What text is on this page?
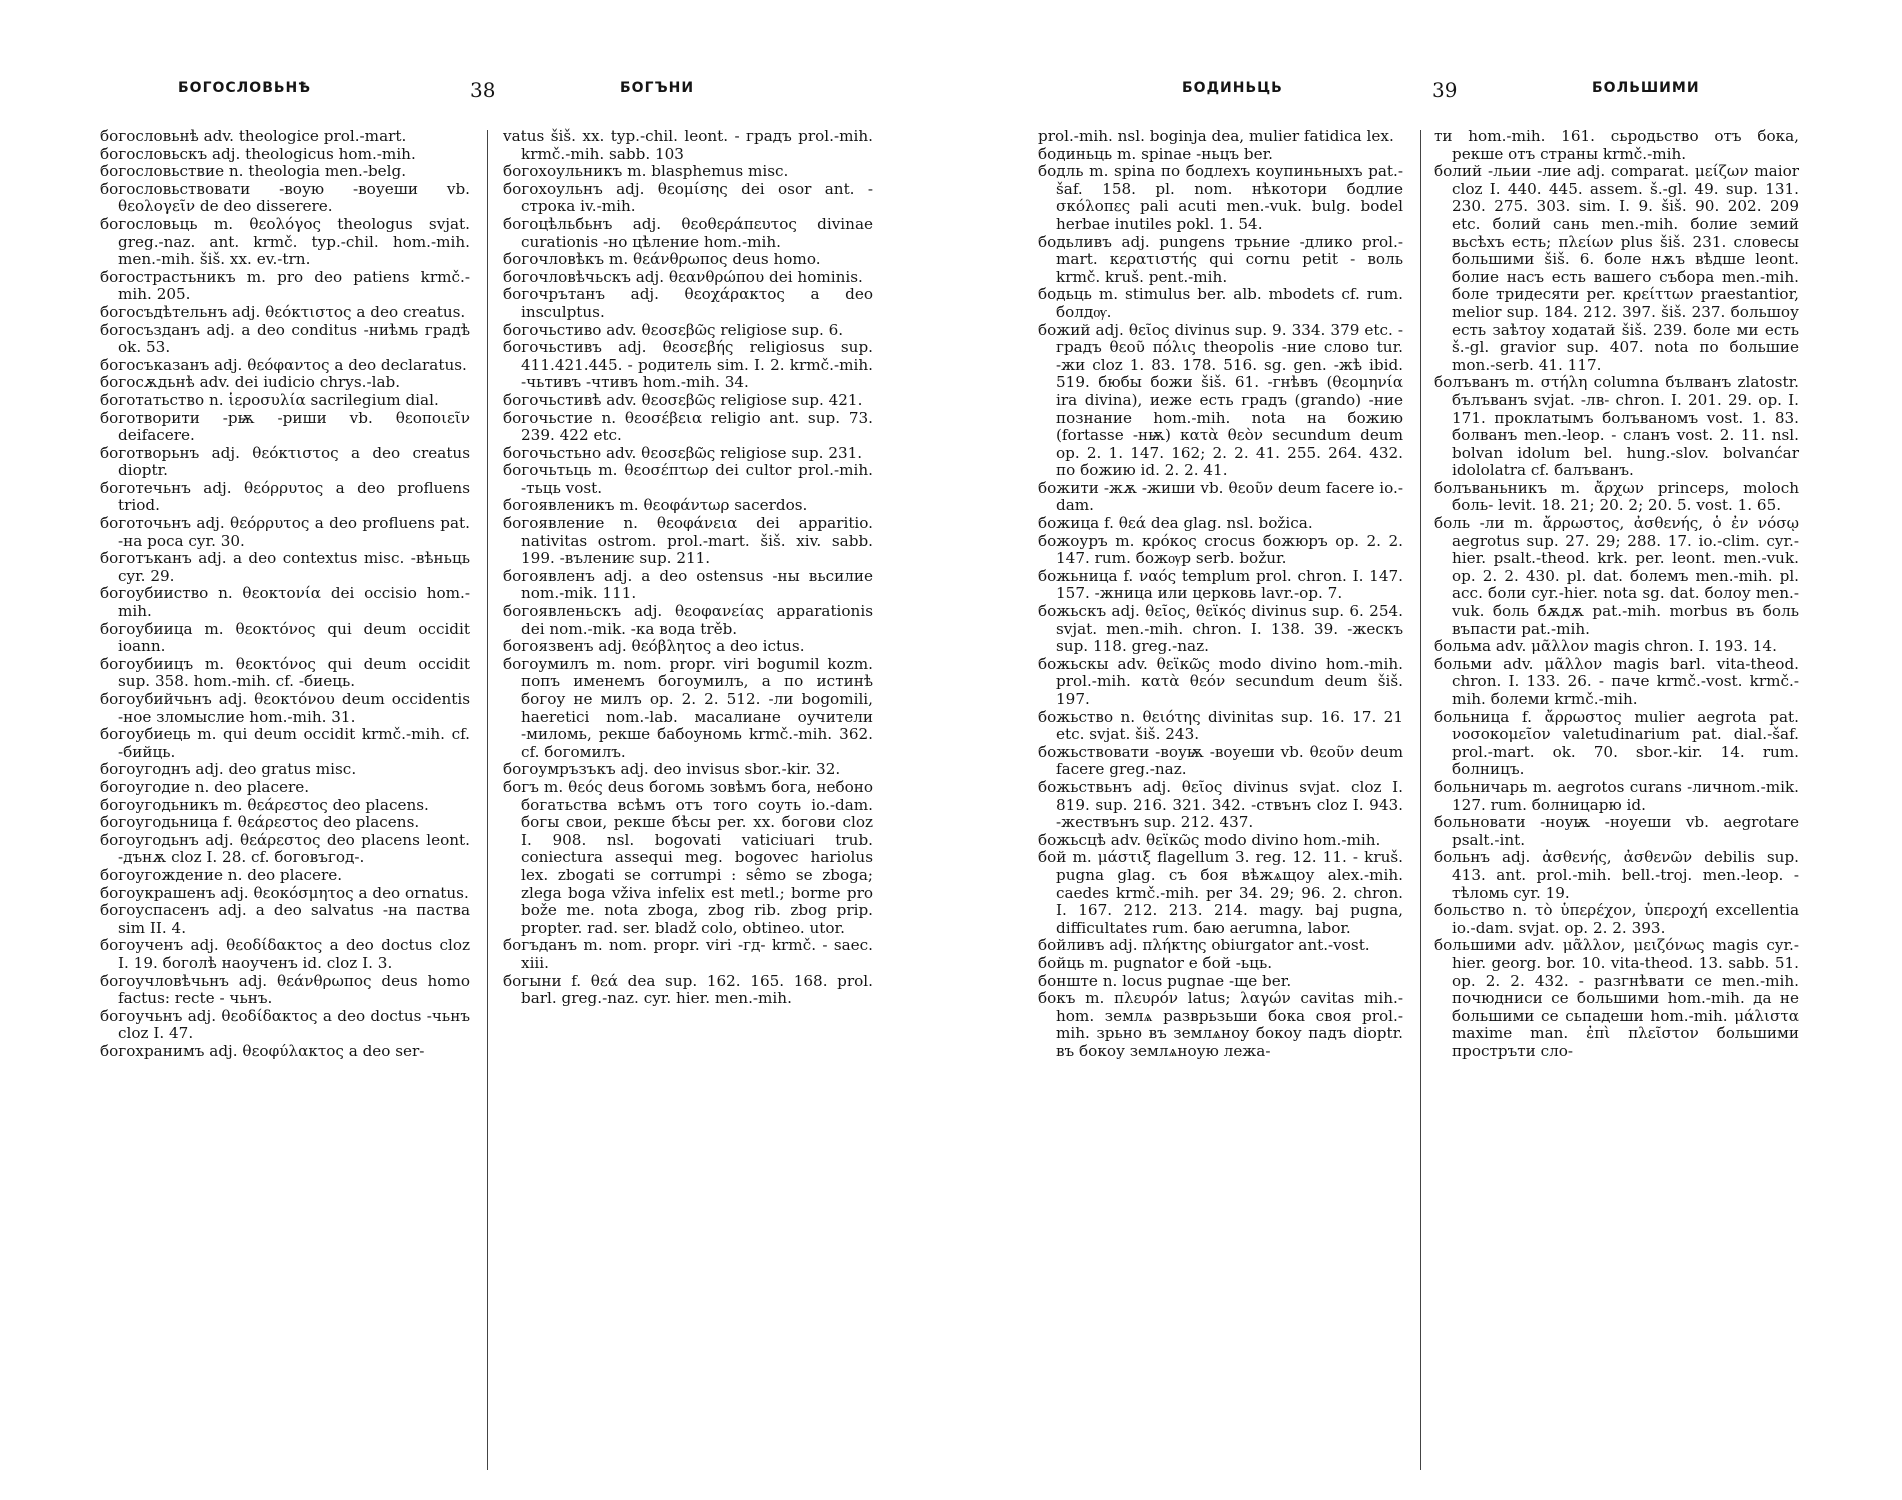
БОГОСЛОВЬНѢ	38	БОГЪНИ

богословьнѣ adv. theologice prol.-mart.

богословьскъ adj. theologicus hom.-mih.

богословьствие n. theologia men.-belg.

богословьствовати -воую -воуеши vb. θεολογεῖν de deo disserere.

богословьць m. θεολόγος theologus svjat. greg.-naz. ant. krmč. typ.-chil. hom.-mih. men.-mih. šiš. xx. ev.-trn.

богострастьникъ m. pro deo patiens krmč.-mih. 205.

богосъдѣтельнъ adj. θεόκτιστος a deo creatus.

богосъзданъ adj. a deo conditus -ниѣмь градѣ ok. 53.

богосъказанъ adj. θεόφαντος a deo declaratus.

богосѫдьнѣ adv. dei iudicio chrys.-lab.

боготатьство n. ἱεροσυλία sacrilegium dial.

боготворити -рѭ -риши vb. θεοποιεῖν deifacere.

боготворьнъ adj. θεόκτιστος a deo creatus dioptr.

боготечьнъ adj. θεόρρυτος a deo profluens triod.

боготочьнъ adj. θεόρρυτος a deo profluens pat. -на роса cyr. 30.

боготъканъ adj. a deo contextus misc. -вѣньць cyr. 29.

богоубииство n. θεοκτονία dei occisio hom.-mih.

богоубиица m. θεοκτόνος qui deum occidit ioann.

богоубиицъ m. θεοκτόνος qui deum occidit sup. 358. hom.-mih. cf. -биець.

богоубийчьнъ adj. θεοκτόνου deum occidentis -ное зломыслие hom.-mih. 31.

богоубиець m. qui deum occidit krmč.-mih. cf. -бийць.

богоугоднъ adj. deo gratus misc.

богоугодие n. deo placere.

богоугодьникъ m. θεάρεστος deo placens.

богоугодьница f. θεάρεστος deo placens.

богоугодьнъ adj. θεάρεστος deo placens leont. -дънѫ cloz I. 28. cf. боговъгод-.

богоугождение n. deo placere.

богоукрашенъ adj. θεοκόσμητος a deo ornatus.

богоуспасенъ adj. a deo salvatus -на паства sim II. 4.

богоученъ adj. θεοδίδακτος a deo doctus cloz I. 19. боголѣ наоученъ id. cloz I. 3.

богоучловѣчьнъ adj. θεάνθρωπος deus homo factus: recte - чьнъ.

богоучьнъ adj. θεοδίδακτος a deo doctus -чьнъ cloz I. 47.

богохранимъ adj. θεοφύλακτος a deo ser-

vatus šiš. xx. typ.-chil. leont. - градъ prol.-mih. krmč.-mih. sabb. 103

богохоульникъ m. blasphemus misc.

богохоульнъ adj. θεομίσης dei osor ant. - строка iv.-mih.

богоцѣльбьнъ adj. θεοθεράπευτος divinae curationis -но цѣление hom.-mih.

богочловѣкъ m. θεάνθρωπος deus homo.

богочловѣчьскъ adj. θεανθρώπου dei hominis.

богочрътанъ adj. θεοχάρακτος a deo insculptus.

богочьстиво adv. θεοσεβῶς religiose sup. 6.

богочьстивъ adj. θεοσεβής religiosus sup. 411.421.445. - родитель sim. I. 2. krmč.-mih. -чьтивъ -чтивъ hom.-mih. 34.

богочьстивѣ adv. θεοσεβῶς religiose sup. 421.

богочьстие n. θεοσέβεια religio ant. sup. 73. 239. 422 etc.

богочьстьно adv. θεοσεβῶς religiose sup. 231.

богочьтьць m. θεοσέπτωρ dei cultor prol.-mih. -тьць vost.

богоявленикъ m. θεοφάντωρ sacerdos.

богоявление n. θεοφάνεια dei apparitio. nativitas ostrom. prol.-mart. šiš. xiv. sabb. 199. -вълениѥ sup. 211.

богоявленъ adj. a deo ostensus -ны вьсилие nom.-mik. 111.

богоявленьскъ adj. θεοφανείας apparationis dei nom.-mik. -ка вода trěb.

богоязвенъ adj. θεόβλητος a deo ictus.

богоумилъ m. nom. propr. viri bogumil kozm. попъ именемъ богоумилъ, а по истинѣ богоу не милъ op. 2. 2. 512. -ли bogomili, haeretici nom.-lab. масалиане оучители -миломь, рекше бабоуномь krmč.-mih. 362. cf. богомилъ.

богоумръзъкъ adj. deo invisus sbor.-kir. 32.

богъ m. θεός deus богомь зовѣмъ бога, небоно богатьства всѣмъ отъ того соуть io.-dam. богы свои, рекше бѣсы per. xx. богови cloz I. 908. nsl. bogovati vaticiuari trub. coniectura assequi meg. bogovec hariolus lex. zbogati se corrumpi : sêmo se zboga; zlega boga vživa infelix est metl.; borme pro bože me. nota zboga, zbog rib. zbog prip. propter. rad. ser. bladž colo, obtineo. utor.

богъданъ m. nom. propr. viri -гд- krmč. - saec. xiii.

богыни f. θεά dea sup. 162. 165. 168. prol. barl. greg.-naz. cyr. hier. men.-mih.

БОДИНЬЦЬ	39	БОЛЬШИМИ

prol.-mih. nsl. boginja dea, mulier fatidica lex.

бодиньць m. spinae -ньцъ ber.

бодль m. spina по бодлехъ коупиньныхъ pat.-šaf. 158. pl. nom. нѣкотори бодлие σκόλοπες pali acuti men.-vuk. bulg. bodel herbae inutiles pokl. 1. 54.

бодьливъ adj. pungens трьние -длико prol.-mart. κερατιστής qui cornu petit - воль krmč. kruš. pent.-mih.

бодьць m. stimulus ber. alb. mbodets cf. rum. болдѹ.

божий adj. θεῖος divinus sup. 9. 334. 379 etc. - градъ θεοῦ πόλις theopolis -ние слово tur. -жи cloz 1. 83. 178. 516. sg. gen. -жѣ ibid. 519. бюбы божи šiš. 61. -гнѣвъ (θεομηνία ira divina), иеже есть градъ (grando) -ние познание hom.-mih. nota на божию (fortasse -нѭ) κατὰ θεὸν secundum deum op. 2. 1. 147. 162; 2. 2. 41. 255. 264. 432. по божию id. 2. 2. 41.

божити -жѫ -жиши vb. θεοῦν deum facere io.-dam.

божица f. θεά dea glag. nsl. božica.

божоуръ m. κρόκος crocus божюръ op. 2. 2. 147. rum. божѹр serb. božur.

божьница f. ναός templum prol. chron. I. 147. 157. -жница или церковь lavr.-op. 7.

божьскъ adj. θεῖος, θεϊκός divinus sup. 6. 254. svjat. men.-mih. chron. I. 138. 39. -жескъ sup. 118. greg.-naz.

божьскы adv. θεϊκῶς modo divino hom.-mih. prol.-mih. κατὰ θεόν secundum deum šiš. 197.

божьство n. θειότης divinitas sup. 16. 17. 21 etc. svjat. šiš. 243.

божьствовати -воуѭ -воуеши vb. θεοῦν deum facere greg.-naz.

божьствьнъ adj. θεῖος divinus svjat. cloz I. 819. sup. 216. 321. 342. -ствънъ cloz I. 943. -жествънъ sup. 212. 437.

божьсцѣ adv. θεϊκῶς modo divino hom.-mih.

бой m. μάστιξ flagellum 3. reg. 12. 11. - kruš. pugna glag. съ боя вѣжѧщоу alex.-mih. caedes krmč.-mih. per 34. 29; 96. 2. chron. I. 167. 212. 213. 214. magy. baj pugna, difficultates rum. баю aerumna, labor.

бойливъ adj. πλήκτης obiurgator ant.-vost.

бойць m. pugnator e бой -ьць.

бонште n. locus pugnae -ще ber.

бокъ m. πλευρόν latus; λαγών cavitas mih.-hom. землѧ разврьзьши бока своя prol.-mih. зрьно въ землѧнοу бокоу падъ dioptr. въ бокоу землѧноую лежа-

ти hom.-mih. 161. сьродьство отъ бока, рекше отъ страны krmč.-mih.

болий -льии -лие adj. comparat. μείζων maior cloz I. 440. 445. assem. š.-gl. 49. sup. 131. 230. 275. 303. sim. I. 9. šiš. 90. 202. 209 etc. болий сань men.-mih. болие земий вьсѣхъ есть; πλείων plus šiš. 231. словесы большими šiš. 6. боле нѫъ вѣдше leont. болие насъ есть вашего събора men.-mih. боле тридесяти per. κρείττων praestantior, melior sup. 184. 212. 397. šiš. 237. большоу есть заѣтоу ходатай šiš. 239. боле ми есть š.-gl. gravior sup. 407. nota по большие mon.-serb. 41. 117.

болъванъ m. στήλη columna бълванъ zlatostr. бълъванъ svjat. -лв- chron. I. 201. 29. op. I. 171. проклатымъ болъваномъ vost. 1. 83. болванъ men.-leop. - сланъ vost. 2. 11. nsl. bolvan idolum bel. hung.-slov. bolvanćar idololatra cf. балъванъ.

болъваньникъ m. ἄρχων princeps, moloch боль- levit. 18. 21; 20. 2; 20. 5. vost. 1. 65.

боль -ли m. ἄρρωστος, ἀσθενής, ὁ ἐν νόσῳ aegrotus sup. 27. 29; 288. 17. io.-clim. cyr.-hier. psalt.-theod. krk. per. leont. men.-vuk. op. 2. 2. 430. pl. dat. болемъ men.-mih. pl. acc. боли cyr.-hier. nota sg. dat. болоу men.-vuk. боль бѫдѫ pat.-mih. morbus въ боль въпасти pat.-mih.

больма adv. μᾶλλον magis chron. I. 193. 14.

больми adv. μᾶλλον magis barl. vita-theod. chron. I. 133. 26. - паче krmč.-vost. krmč.-mih. болеми krmč.-mih.

больница f. ἄρρωστος mulier aegrota pat. νοσοκομεῖον valetudinarium pat. dial.-šaf. prol.-mart. ok. 70. sbor.-kir. 14. rum. болницъ.

больничарь m. aegrotos curans -личнom.-mik. 127. rum. болницарю id.

больновати -ноуѭ -ноуеши vb. aegrotare psalt.-int.

больнъ adj. ἀσθενής, ἀσθενῶν debilis sup. 413. ant. prol.-mih. bell.-troj. men.-leop. - тѣломь cyr. 19.

больство n. τὸ ὑπερέχον, ὑπεροχή excellentia io.-dam. svjat. op. 2. 2. 393.

большими adv. μᾶλλον, μειζόνως magis cyr.-hier. georg. bor. 10. vita-theod. 13. sabb. 51. op. 2. 2. 432. - разгнѣвати се men.-mih. почюдниси се большими hom.-mih. да не большими се сьпадеши hom.-mih. μάλιστα maxime man. ἐπὶ πλεῖστον большими простръти сло-
